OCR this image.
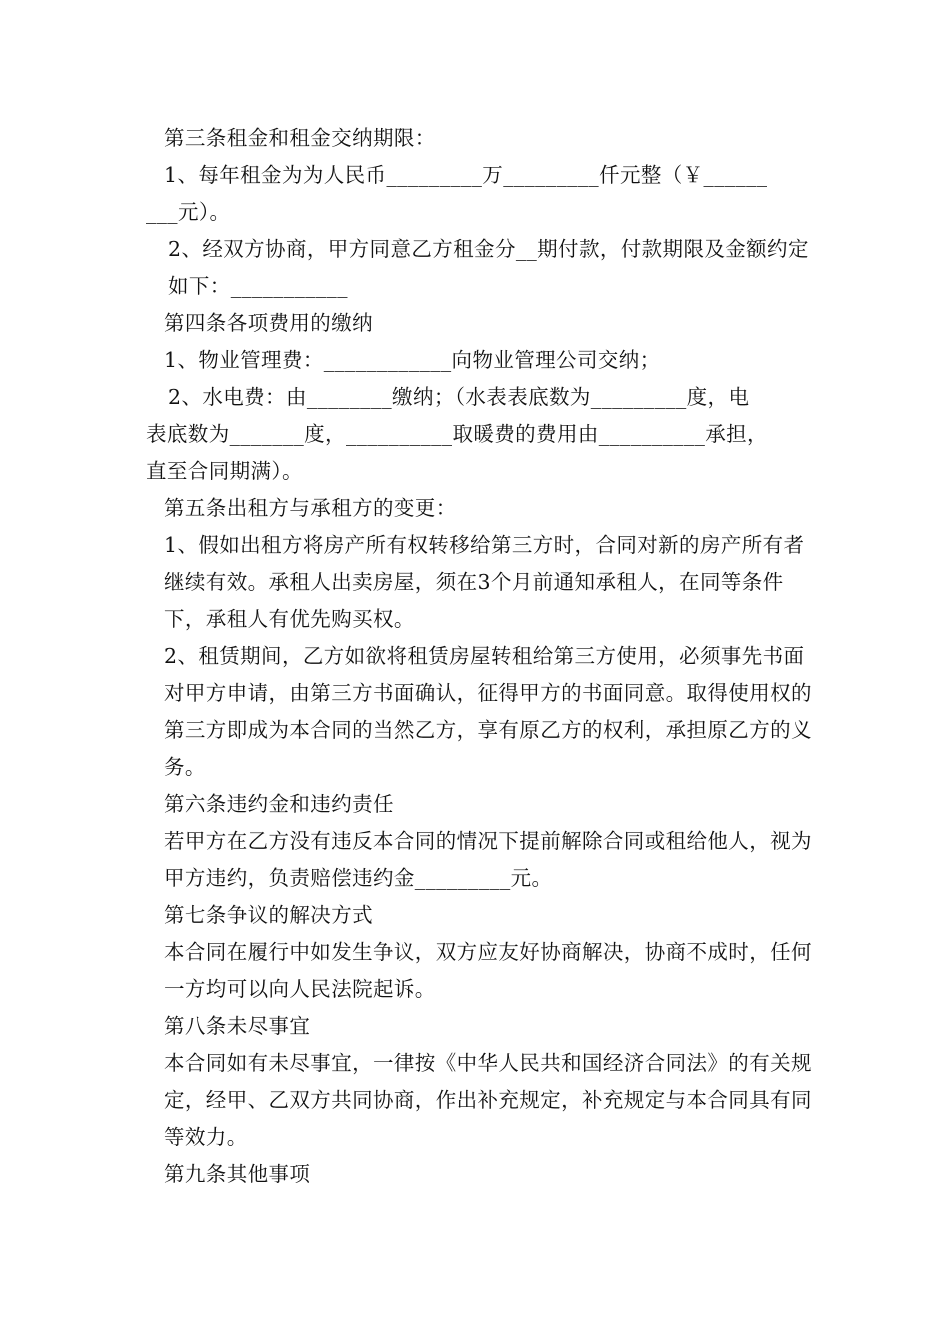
第三条租金和租金交纳期限：

1、每年租金为为人民币_________万_________仟元整（￥______

___元）。

2、经双方协商，甲方同意乙方租金分__期付款，付款期限及金额约定如下：___________

第四条各项费用的缴纳

1、物业管理费：____________向物业管理公司交纳；

2、水电费：由________缴纳；（水表表底数为_________度，电

表底数为_______度，__________取暖费的费用由__________承担，

直至合同期满）。

第五条出租方与承租方的变更：

1、假如出租方将房产所有权转移给第三方时，合同对新的房产所有者继续有效。承租人出卖房屋，须在3个月前通知承租人，在同等条件下，承租人有优先购买权。

2、租赁期间，乙方如欲将租赁房屋转租给第三方使用，必须事先书面对甲方申请，由第三方书面确认，征得甲方的书面同意。取得使用权的第三方即成为本合同的当然乙方，享有原乙方的权利，承担原乙方的义务。

第六条违约金和违约责任

若甲方在乙方没有违反本合同的情况下提前解除合同或租给他人，视为甲方违约，负责赔偿违约金_________元。

第七条争议的解决方式

本合同在履行中如发生争议，双方应友好协商解决，协商不成时，任何一方均可以向人民法院起诉。

第八条未尽事宜

本合同如有未尽事宜，一律按《中华人民共和国经济合同法》的有关规定，经甲、乙双方共同协商，作出补充规定，补充规定与本合同具有同等效力。

第九条其他事项
